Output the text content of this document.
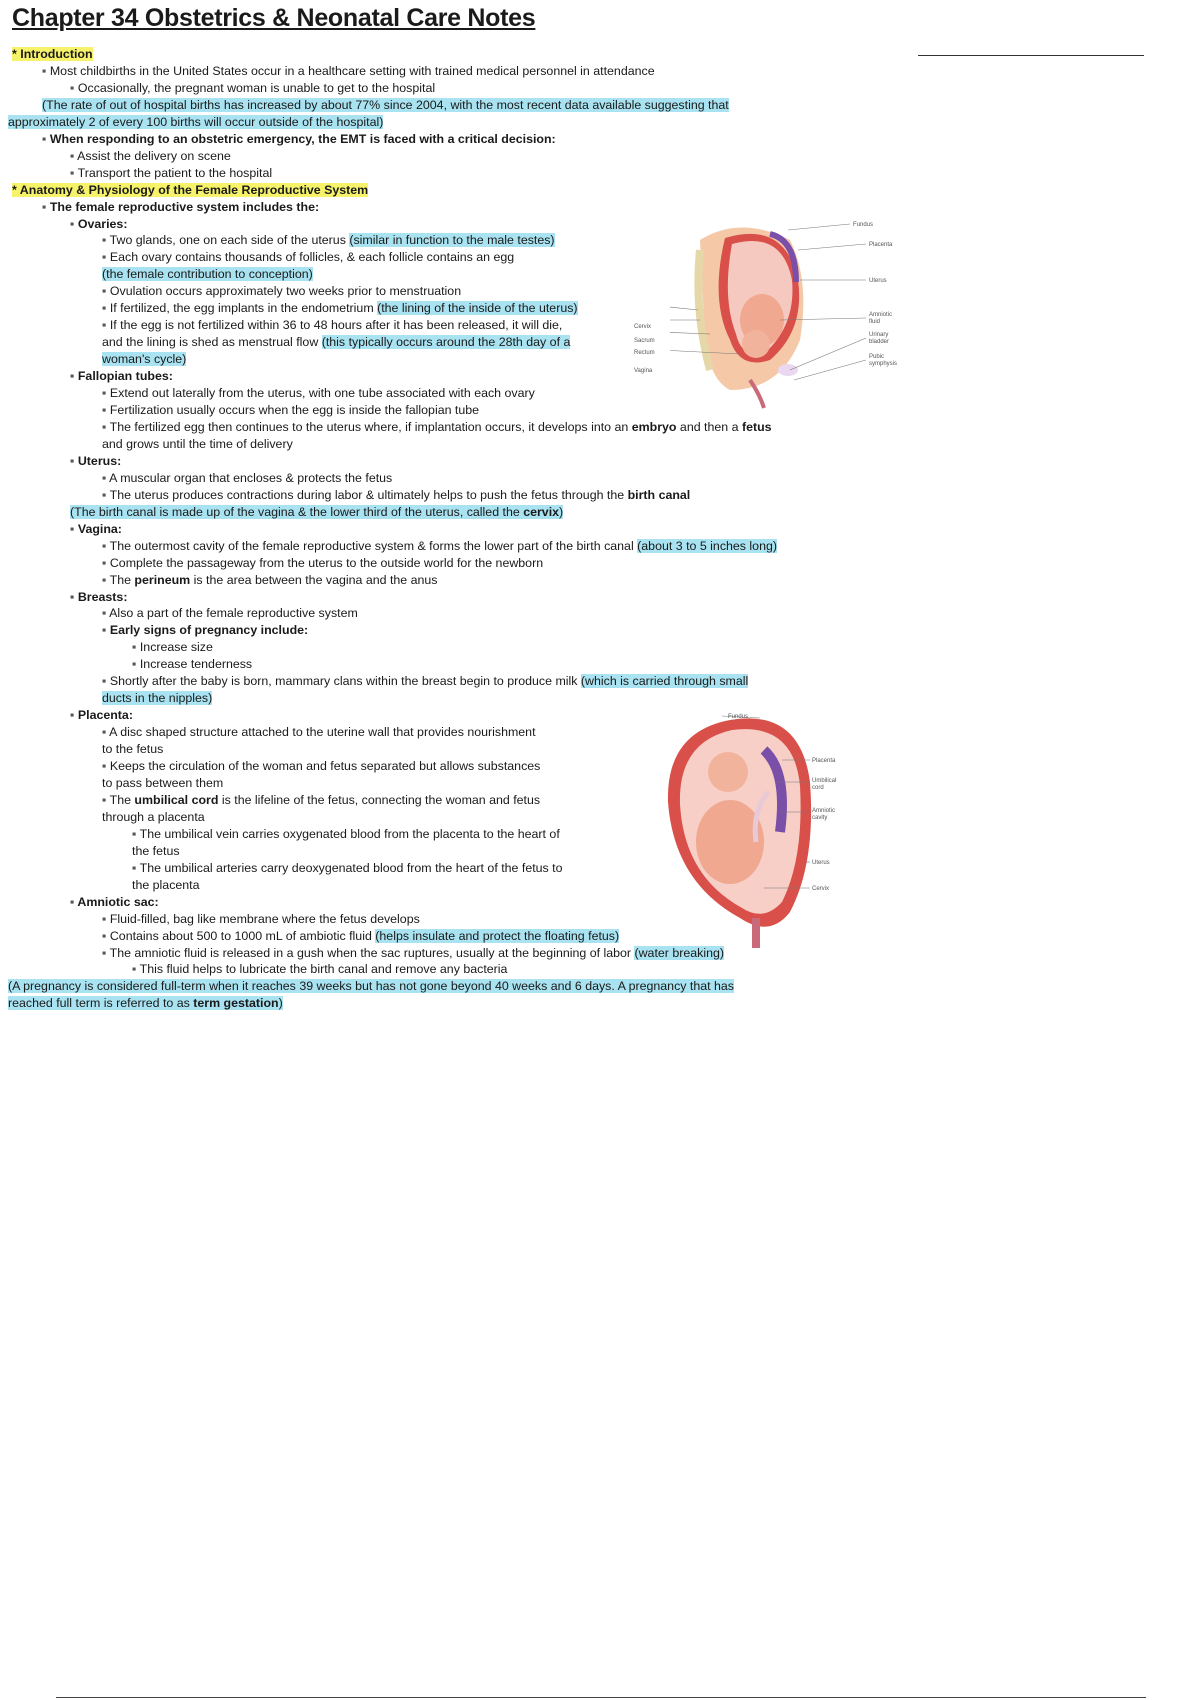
Chapter 34 Obstetrics & Neonatal Care Notes

* Introduction

▪ Most childbirths in the United States occur in a healthcare setting with trained medical personnel in attendance

▪ Occasionally, the pregnant woman is unable to get to the hospital

(The rate of out of hospital births has increased by about 77% since 2004, with the most recent data available suggesting that

approximately 2 of every 100 births will occur outside of the hospital)

▪ When responding to an obstetric emergency, the EMT is faced with a critical decision:

▪ Assist the delivery on scene

▪ Transport the patient to the hospital

* Anatomy & Physiology of the Female Reproductive System

▪ The female reproductive system includes the:

▪ Ovaries:

▪ Two glands, one on each side of the uterus (similar in function to the male testes)

▪ Each ovary contains thousands of follicles, & each follicle contains an egg

(the female contribution to conception)

▪ Ovulation occurs approximately two weeks prior to menstruation

▪ If fertilized, the egg implants in the endometrium (the lining of the inside of the uterus)

▪ If the egg is not fertilized within 36 to 48 hours after it has been released, it will die,

and the lining is shed as menstrual flow (this typically occurs around the 28th day of a

woman's cycle)

▪ Fallopian tubes:

▪ Extend out laterally from the uterus, with one tube associated with each ovary

▪ Fertilization usually occurs when the egg is inside the fallopian tube

▪ The fertilized egg then continues to the uterus where, if implantation occurs, it develops into an embryo and then a fetus

and grows until the time of delivery

▪ Uterus:

▪ A muscular organ that encloses & protects the fetus

▪ The uterus produces contractions during labor & ultimately helps to push the fetus through the birth canal

(The birth canal is made up of the vagina & the lower third of the uterus, called the cervix)

▪ Vagina:

▪ The outermost cavity of the female reproductive system & forms the lower part of the birth canal (about 3 to 5 inches long)

▪ Complete the passageway from the uterus to the outside world for the newborn

▪ The perineum is the area between the vagina and the anus

▪ Breasts:

▪ Also a part of the female reproductive system

▪ Early signs of pregnancy include:

▪ Increase size

▪ Increase tenderness

▪ Shortly after the baby is born, mammary clans within the breast begin to produce milk (which is carried through small

ducts in the nipples)

▪ Placenta:

▪ A disc shaped structure attached to the uterine wall that provides nourishment

to the fetus

▪ Keeps the circulation of the woman and fetus separated but allows substances

to pass between them

▪ The umbilical cord is the lifeline of the fetus, connecting the woman and fetus

through a placenta

▪ The umbilical vein carries oxygenated blood from the placenta to the heart of

the fetus

▪ The umbilical arteries carry deoxygenated blood from the heart of the fetus to

the placenta

▪ Amniotic sac:

▪ Fluid-filled, bag like membrane where the fetus develops

▪ Contains about 500 to 1000 mL of ambiotic fluid (helps insulate and protect the floating fetus)

▪ The amniotic fluid is released in a gush when the sac ruptures, usually at the beginning of labor (water breaking)

▪ This fluid helps to lubricate the birth canal and remove any bacteria

(A pregnancy is considered full-term when it reaches 39 weeks but has not gone beyond 40 weeks and 6 days. A pregnancy that has

reached full term is referred to as term gestation)

Fundus
Placenta
Uterus
Amniotic
fluid
Urinary
bladder
Pubic
symphysis
Cervix
Sacrum
Rectum
Vagina
Fundus
Placenta
Umbilical
cord
Amniotic
cavity
Uterus
Cervix
